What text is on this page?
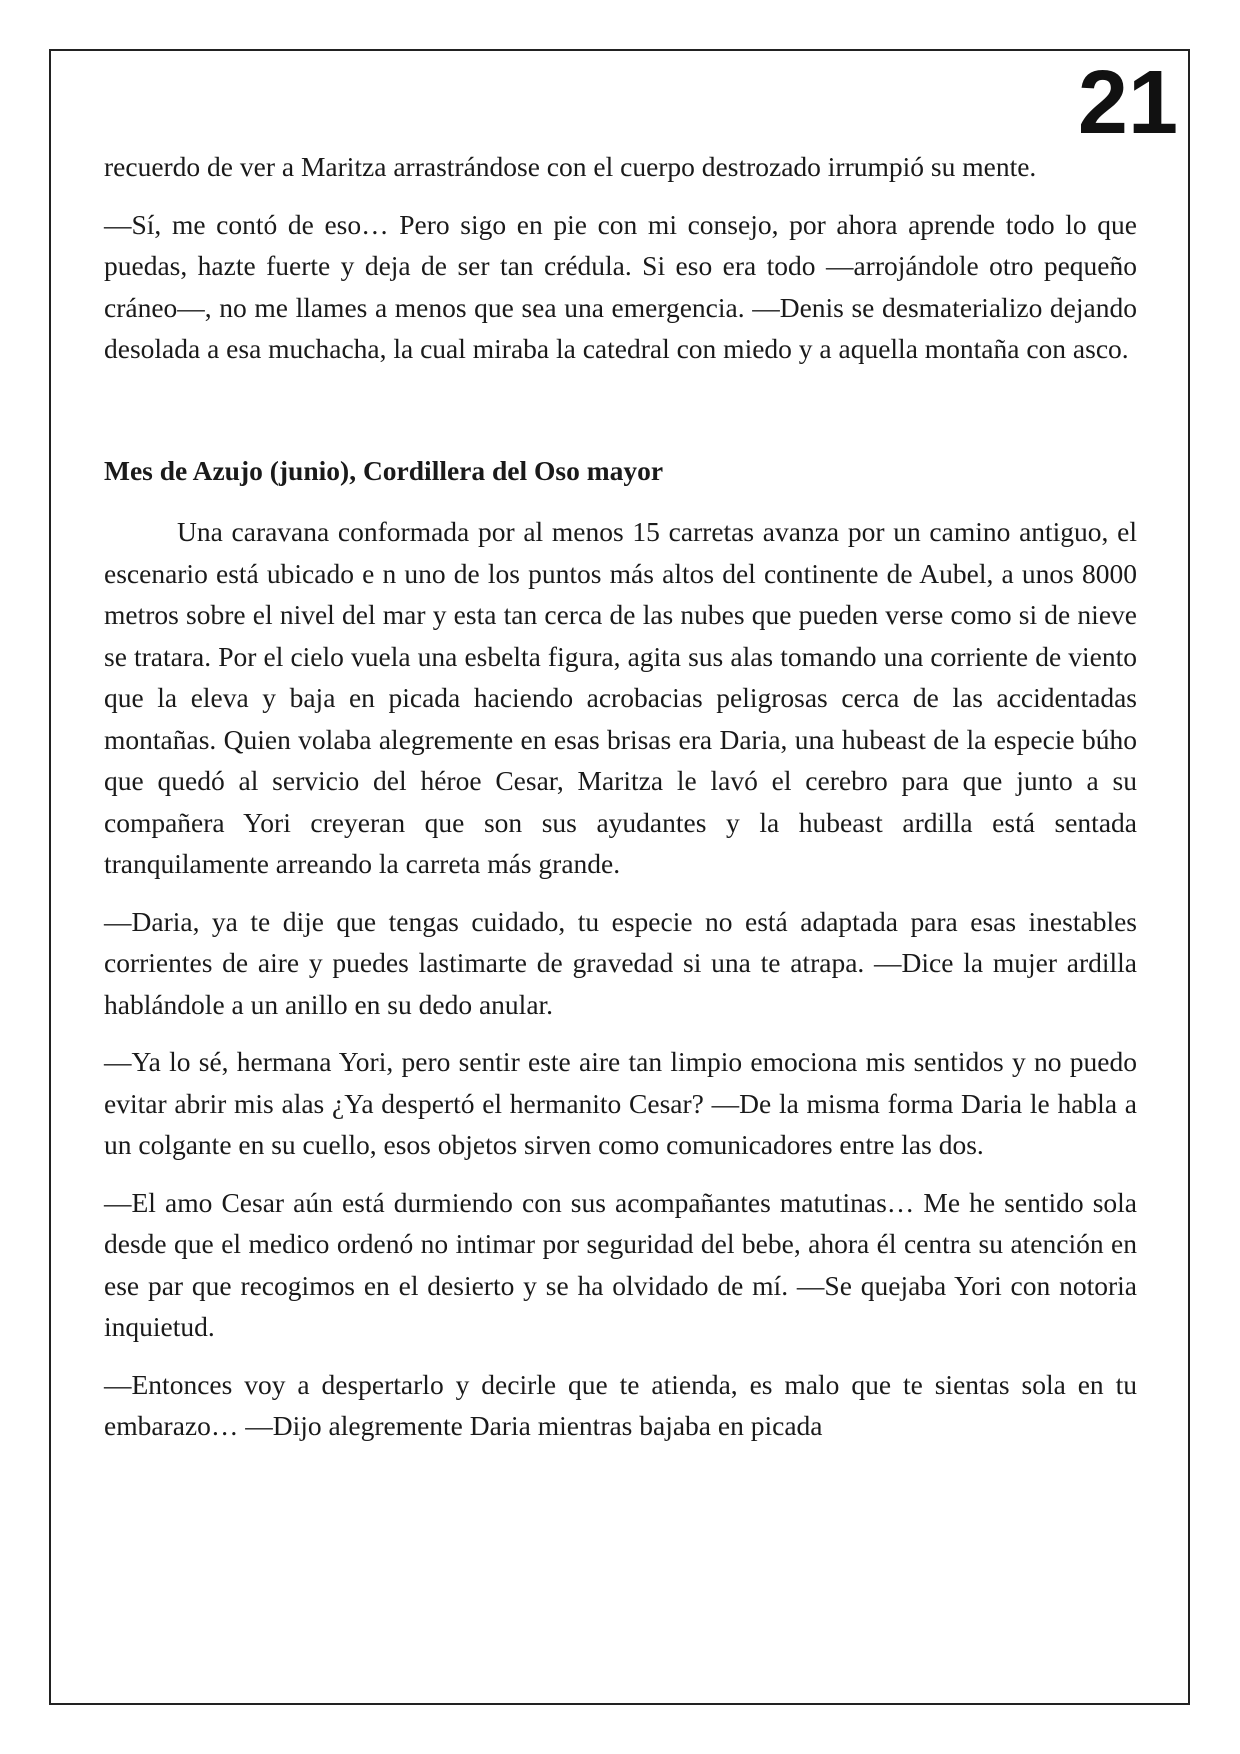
21

recuerdo de ver a Maritza arrastrándose con el cuerpo destrozado irrumpió su mente.

—Sí, me contó de eso… Pero sigo en pie con mi consejo, por ahora aprende todo lo que puedas, hazte fuerte y deja de ser tan crédula. Si eso era todo —arrojándole otro pequeño cráneo—, no me llames a menos que sea una emergencia. —Denis se desmaterializo dejando desolada a esa muchacha, la cual miraba la catedral con miedo y a aquella montaña con asco.

Mes de Azujo (junio), Cordillera del Oso mayor

Una caravana conformada por al menos 15 carretas avanza por un camino antiguo, el escenario está ubicado e n uno de los puntos más altos del continente de Aubel, a unos 8000 metros sobre el nivel del mar y esta tan cerca de las nubes que pueden verse como si de nieve se tratara. Por el cielo vuela una esbelta figura, agita sus alas tomando una corriente de viento que la eleva y baja en picada haciendo acrobacias peligrosas cerca de las accidentadas montañas. Quien volaba alegremente en esas brisas era Daria, una hubeast de la especie búho que quedó al servicio del héroe Cesar, Maritza le lavó el cerebro para que junto a su compañera Yori creyeran que son sus ayudantes y la hubeast ardilla está sentada tranquilamente arreando la carreta más grande.

—Daria, ya te dije que tengas cuidado, tu especie no está adaptada para esas inestables corrientes de aire y puedes lastimarte de gravedad si una te atrapa. —Dice la mujer ardilla hablándole a un anillo en su dedo anular.

—Ya lo sé, hermana Yori, pero sentir este aire tan limpio emociona mis sentidos y no puedo evitar abrir mis alas ¿Ya despertó el hermanito Cesar? —De la misma forma Daria le habla a un colgante en su cuello, esos objetos sirven como comunicadores entre las dos.

—El amo Cesar aún está durmiendo con sus acompañantes matutinas… Me he sentido sola desde que el medico ordenó no intimar por seguridad del bebe, ahora él centra su atención en ese par que recogimos en el desierto y se ha olvidado de mí. —Se quejaba Yori con notoria inquietud.

—Entonces voy a despertarlo y decirle que te atienda, es malo que te sientas sola en tu embarazo… —Dijo alegremente Daria mientras bajaba en picada
